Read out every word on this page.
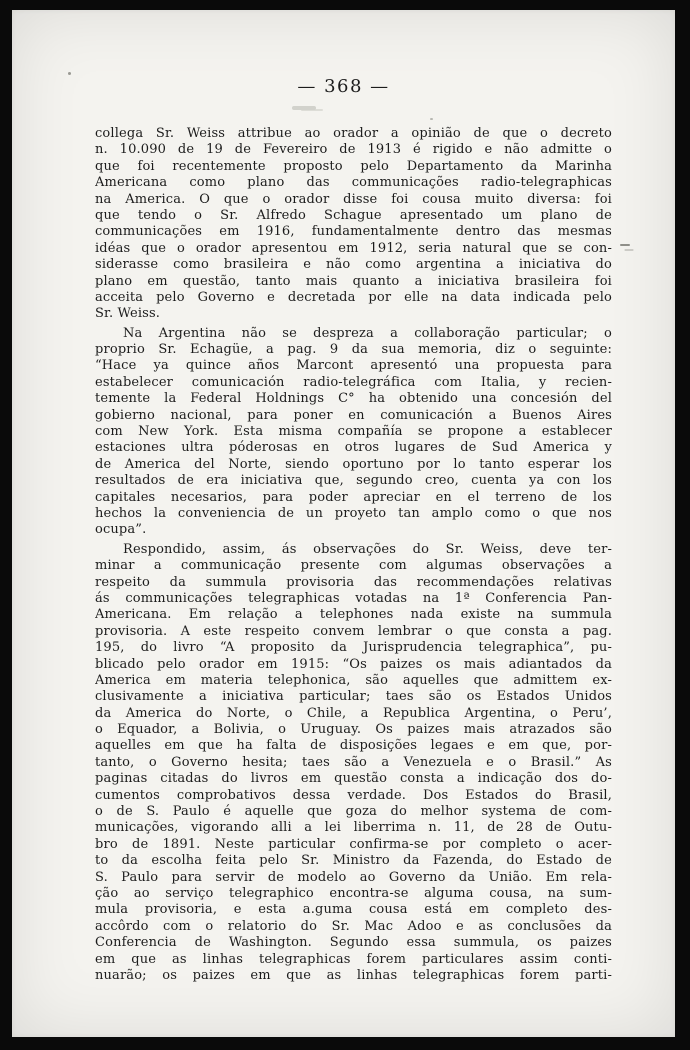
— 368 —
collega Sr. Weiss attribue ao orador a opinião de que o decreto
n. 10.090 de 19 de Fevereiro de 1913 é rigido e não admitte o
que foi recentemente proposto pelo Departamento da Marinha
Americana como plano das communicações radio-telegraphicas
na America. O que o orador disse foi cousa muito diversa: foi
que tendo o Sr. Alfredo Schague apresentado um plano de
communicações em 1916, fundamentalmente dentro das mesmas
idéas que o orador apresentou em 1912, seria natural que se con-
siderasse como brasileira e não como argentina a iniciativa do
plano em questão, tanto mais quanto a iniciativa brasileira foi
acceita pelo Governo e decretada por elle na data indicada pelo
Sr. Weiss.
Na Argentina não se despreza a collaboração particular; o
proprio Sr. Echagüe, a pag. 9 da sua memoria, diz o seguinte:
“Hace ya quince años Marcont apresentó una propuesta para
estabelecer comunicación radio-telegráfica com Italia, y recien-
temente la Federal Holdnings C° ha obtenido una concesión del
gobierno nacional, para poner en comunicación a Buenos Aires
com New York. Esta misma compañía se propone a establecer
estaciones ultra póderosas en otros lugares de Sud America y
de America del Norte, siendo oportuno por lo tanto esperar los
resultados de era iniciativa que, segundo creo, cuenta ya con los
capitales necesarios, para poder apreciar en el terreno de los
hechos la conveniencia de un proyeto tan amplo como o que nos
ocupa”.
Respondido, assim, ás observações do Sr. Weiss, deve ter-
minar a communicação presente com algumas observações a
respeito da summula provisoria das recommendações relativas
ás communicações telegraphicas votadas na 1ª Conferencia Pan-
Americana. Em relação a telephones nada existe na summula
provisoria. A este respeito convem lembrar o que consta a pag.
195, do livro “A proposito da Jurisprudencia telegraphica”, pu-
blicado pelo orador em 1915: “Os paizes os mais adiantados da
America em materia telephonica, são aquelles que admittem ex-
clusivamente a iniciativa particular; taes são os Estados Unidos
da America do Norte, o Chile, a Republica Argentina, o Peru’,
o Equador, a Bolivia, o Uruguay. Os paizes mais atrazados são
aquelles em que ha falta de disposições legaes e em que, por-
tanto, o Governo hesita; taes são a Venezuela e o Brasil.” As
paginas citadas do livros em questão consta a indicação dos do-
cumentos comprobativos dessa verdade. Dos Estados do Brasil,
o de S. Paulo é aquelle que goza do melhor systema de com-
municações, vigorando alli a lei liberrima n. 11, de 28 de Outu-
bro de 1891. Neste particular confirma-se por completo o acer-
to da escolha feita pelo Sr. Ministro da Fazenda, do Estado de
S. Paulo para servir de modelo ao Governo da União. Em rela-
ção ao serviço telegraphico encontra-se alguma cousa, na sum-
mula provisoria, e esta a.guma cousa está em completo des-
accôrdo com o relatorio do Sr. Mac Adoo e as conclusões da
Conferencia de Washington. Segundo essa summula, os paizes
em que as linhas telegraphicas forem particulares assim conti-
nuarão; os paizes em que as linhas telegraphicas forem parti-
